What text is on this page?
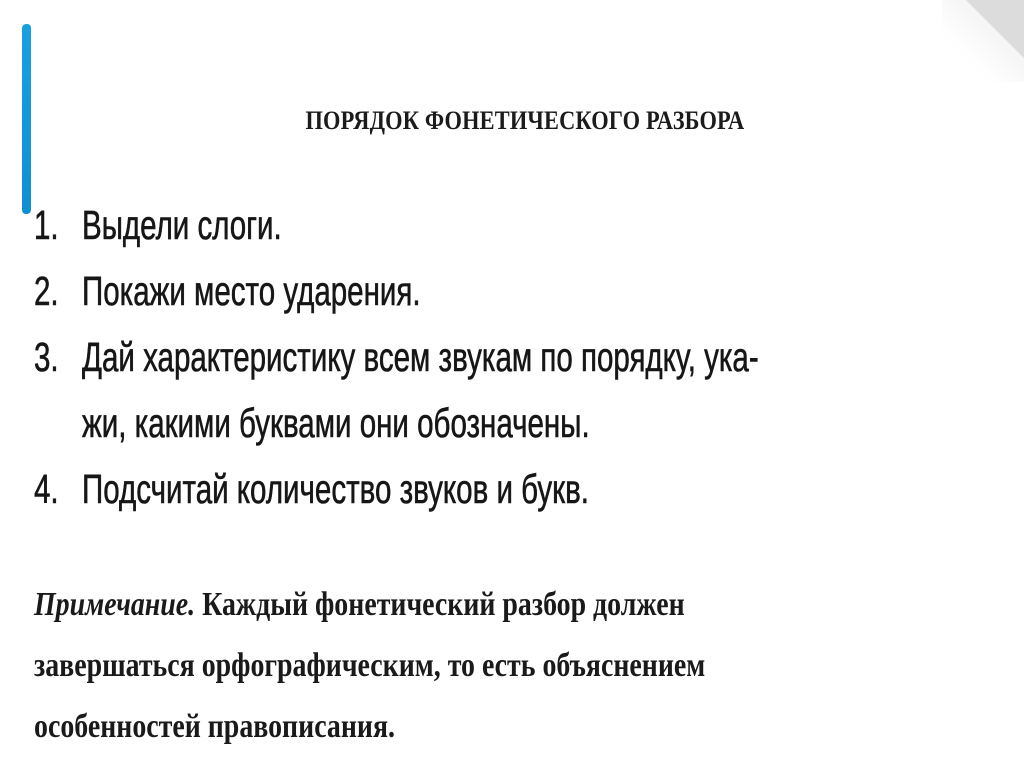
ПОРЯДОК ФОНЕТИЧЕСКОГО РАЗБОРА
1. Выдели слоги.
2. Покажи место ударения.
3. Дай характеристику всем звукам по порядку, ука-
жи, какими буквами они обозначены.
4. Подсчитай количество звуков и букв.
Примечание. Каждый фонетический разбор должен
завершаться орфографическим, то есть объяснением
особенностей правописания.
